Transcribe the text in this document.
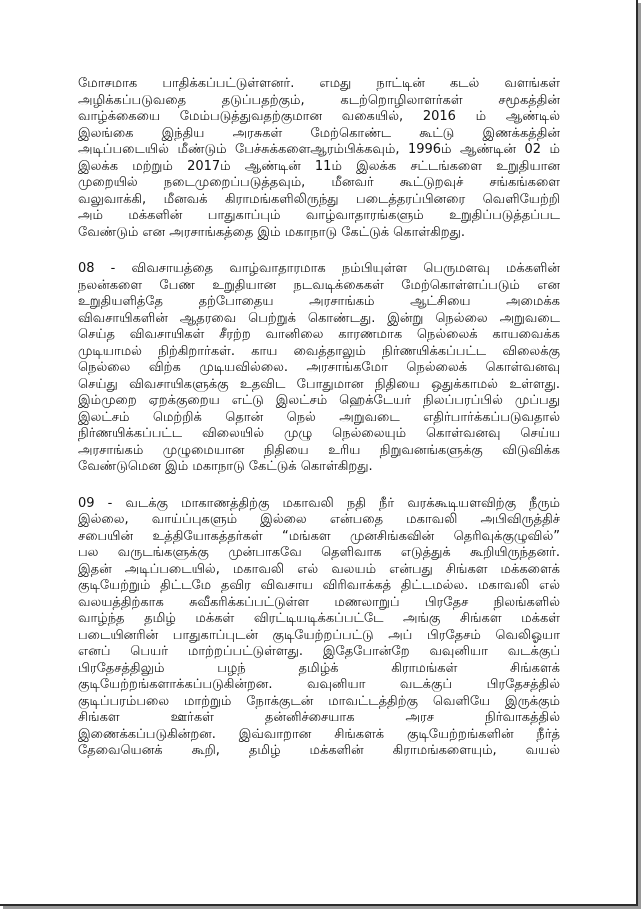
மோசமாக பாதிக்கப்பட்டுள்ளனர். எமது நாட்டின் கடல் வளங்கள்

அழிக்கப்படுவதை தடுப்பதற்கும், கடற்றொழிலாளர்கள் சமூகத்தின்

வாழ்க்கையை மேம்படுத்துவதற்குமான வகையில், 2016 ம் ஆண்டில்

இலங்கை இந்திய அரசுகள் மேற்கொண்ட கூட்டு இணக்கத்தின்

அடிப்படையில் மீண்டும் பேச்சுக்களைஆரம்பிக்கவும், 1996ம் ஆண்டின் 02 ம்

இலக்க மற்றும் 2017ம் ஆண்டின் 11ம் இலக்க சட்டங்களை உறுதியான

முறையில் நடைமுறைப்படுத்தவும், மீனவர் கூட்டுறவுச் சங்கங்களை

வலுவாக்கி, மீனவக் கிராமங்களிலிருந்து படைத்தரப்பினரை வெளியேற்றி

அம் மக்களின் பாதுகாப்பும் வாழ்வாதாரங்களும் உறுதிப்படுத்தப்பட

வேண்டும் என அரசாங்கத்தை இம் மகாநாடு கேட்டுக் கொள்கிறது.

08 - விவசாயத்தை வாழ்வாதாரமாக நம்பியுள்ள பெருமளவு மக்களின்

நலன்களை பேண உறுதியான நடவடிக்கைகள் மேற்கொள்ளப்படும் என

உறுதியளித்தே தற்போதைய அரசாங்கம் ஆட்சியை அமைக்க

விவசாயிகளின் ஆதரவை பெற்றுக் கொண்டது. இன்று நெல்லை அறுவடை

செய்த விவசாயிகள் சீரற்ற வானிலை காரணமாக நெல்லைக் காயவைக்க

முடியாமல் நிற்கிறார்கள். காய வைத்தாலும் நிர்ணயிக்கப்பட்ட விலைக்கு

நெல்லை விற்க முடியவில்லை. அரசாங்கமோ நெல்லைக் கொள்வனவு

செய்து விவசாயிகளுக்கு உதவிட போதுமான நிதியை ஒதுக்காமல் உள்ளது.

இம்முறை ஏறக்குறைய எட்டு இலட்சம் ஹெக்டேயர் நிலப்பரப்பில் முப்பது

இலட்சம் மெற்றிக் தொன் நெல் அறுவடை எதிர்பார்க்கப்படுவதால்

நிர்ணயிக்கப்பட்ட விலையில் முழு நெல்லையும் கொள்வனவு செய்ய

அரசாங்கம் முழுமையான நிதியை உரிய நிறுவனங்களுக்கு விடுவிக்க

வேண்டுமென இம் மகாநாடு கேட்டுக் கொள்கிறது.

09 - வடக்கு மாகாணத்திற்கு மகாவலி நதி நீர் வரக்கூடியளவிற்கு நீரும்

இல்லை, வாய்ப்புகளும் இல்லை என்பதை மகாவலி அபிவிருத்திச்

சபையின் உத்தியோகத்தர்கள் “மங்கள முனசிங்கவின் தெரிவுக்குழுவில்”

பல வருடங்களுக்கு முன்பாகவே தெளிவாக எடுத்துக் கூறியிருந்தனர்.

இதன் அடிப்படையில், மகாவலி எல் வலயம் என்பது சிங்கள மக்களைக்

குடியேற்றும் திட்டமே தவிர விவசாய விரிவாக்கத் திட்டமல்ல. மகாவலி எல்

வலயத்திற்காக சுவீகரிக்கப்பட்டுள்ள மணலாறுப் பிரதேச நிலங்களில்

வாழ்ந்த தமிழ் மக்கள் விரட்டியடிக்கப்பட்டே அங்கு சிங்கள மக்கள்

படையினரின் பாதுகாப்புடன் குடியேற்றப்பட்டு அப் பிரதேசம் வெலிஓயா

எனப் பெயர் மாற்றப்பட்டுள்ளது. இதேபோன்றே வவுனியா வடக்குப்

பிரதேசத்திலும் பழந் தமிழ்க் கிராமங்கள் சிங்களக்

குடியேற்றங்களாக்கப்படுகின்றன. வவுனியா வடக்குப் பிரதேசத்தில்

குடிப்பரம்பலை மாற்றும் நோக்குடன் மாவட்டத்திற்கு வெளியே இருக்கும்

சிங்கள ஊர்கள் தன்னிச்சையாக அரச நிர்வாகத்தில்

இணைக்கப்படுகின்றன. இவ்வாறான சிங்களக் குடியேற்றங்களின் நீர்த்

தேவையெனக் கூறி, தமிழ் மக்களின் கிராமங்களையும், வயல்
